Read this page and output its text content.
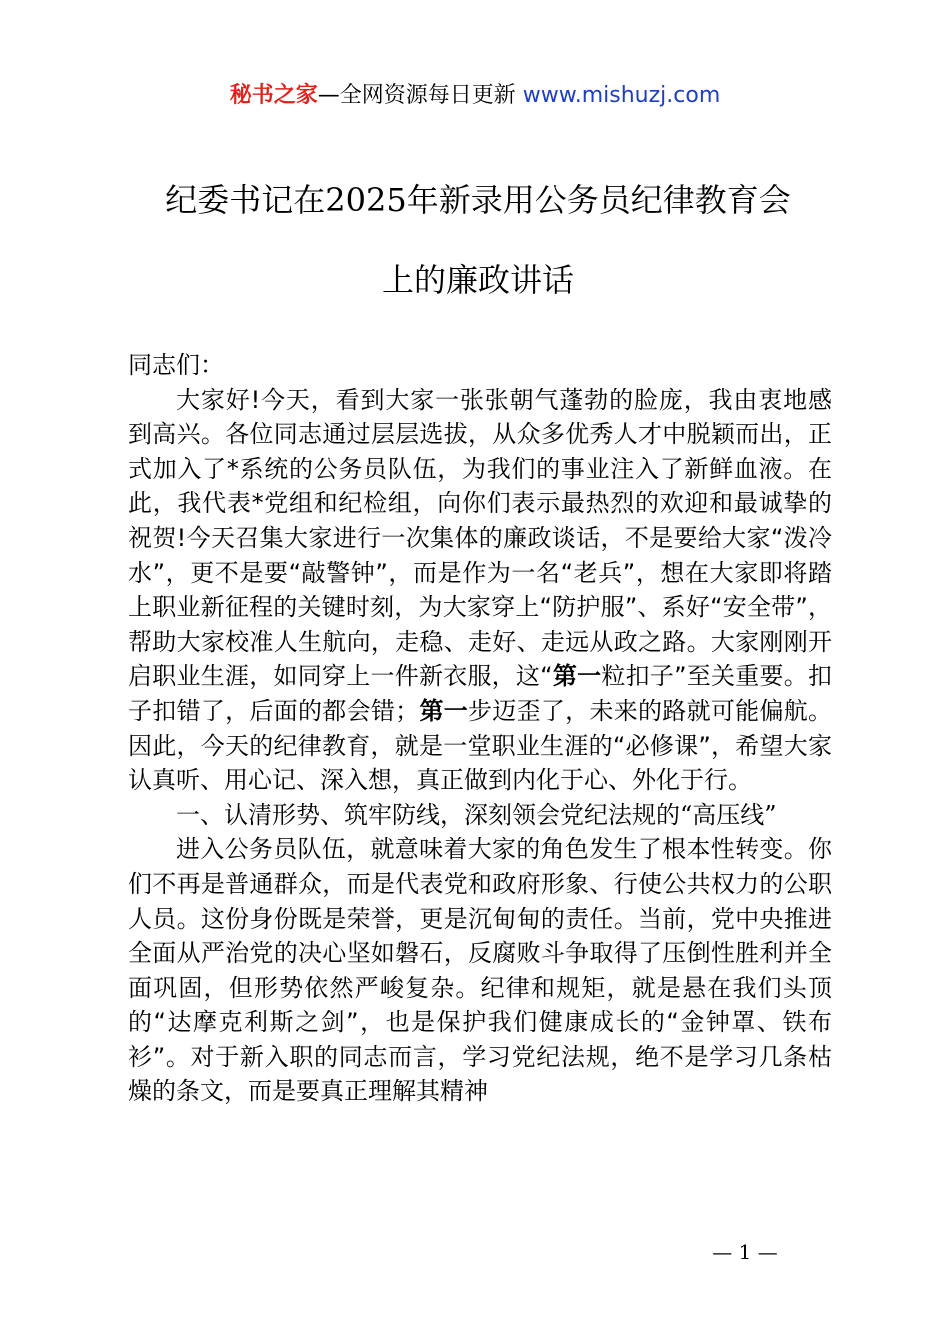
秘书之家—全网资源每日更新 www.mishuzj.com
纪委书记在2025年新录用公务员纪律教育会
上的廉政讲话

同志们：

大家好!今天，看到大家一张张朝气蓬勃的脸庞，我由衷地感到高兴。各位同志通过层层选拔，从众多优秀人才中脱颖而出，正式加入了*系统的公务员队伍，为我们的事业注入了新鲜血液。在此，我代表*党组和纪检组，向你们表示最热烈的欢迎和最诚挚的祝贺!今天召集大家进行一次集体的廉政谈话，不是要给大家“泼冷水”，更不是要“敲警钟”，而是作为一名“老兵”，想在大家即将踏上职业新征程的关键时刻，为大家穿上“防护服”、系好“安全带”，帮助大家校准人生航向，走稳、走好、走远从政之路。大家刚刚开启职业生涯，如同穿上一件新衣服，这“第一粒扣子”至关重要。扣子扣错了，后面的都会错；第一步迈歪了，未来的路就可能偏航。因此，今天的纪律教育，就是一堂职业生涯的“必修课”，希望大家认真听、用心记、深入想，真正做到内化于心、外化于行。

一、认清形势、筑牢防线，深刻领会党纪法规的“高压线”

进入公务员队伍，就意味着大家的角色发生了根本性转变。你们不再是普通群众，而是代表党和政府形象、行使公共权力的公职人员。这份身份既是荣誉，更是沉甸甸的责任。当前，党中央推进全面从严治党的决心坚如磐石，反腐败斗争取得了压倒性胜利并全面巩固，但形势依然严峻复杂。纪律和规矩，就是悬在我们头顶的“达摩克利斯之剑”，也是保护我们健康成长的“金钟罩、铁布衫”。对于新入职的同志而言，学习党纪法规，绝不是学习几条枯燥的条文，而是要真正理解其精神

— 1 —
